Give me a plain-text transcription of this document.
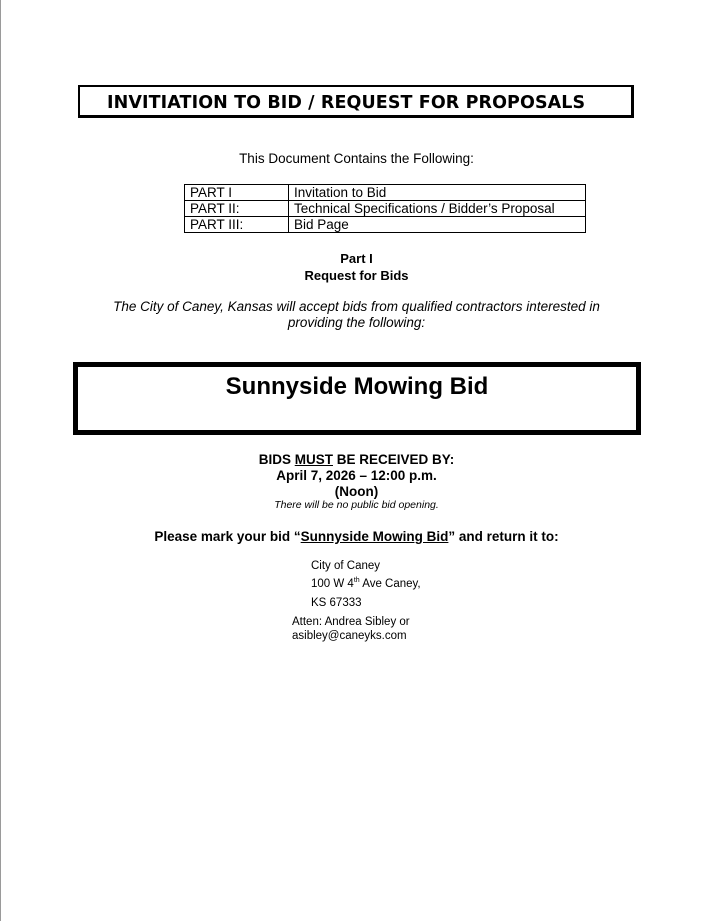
INVITIATION TO BID / REQUEST FOR PROPOSALS
This Document Contains the Following:
PART I	Invitation to Bid
PART II:	Technical Specifications / Bidder’s Proposal
PART III:	Bid Page
Part I
Request for Bids
The City of Caney, Kansas will accept bids from qualified contractors interested in
providing the following:
Sunnyside Mowing Bid
BIDS MUST BE RECEIVED BY:
April 7, 2026 – 12:00 p.m.
(Noon)
There will be no public bid opening.
Please mark your bid “Sunnyside Mowing Bid” and return it to:
City of Caney
100 W 4th Ave Caney,
KS 67333
Atten: Andrea Sibley or
asibley@caneyks.com
